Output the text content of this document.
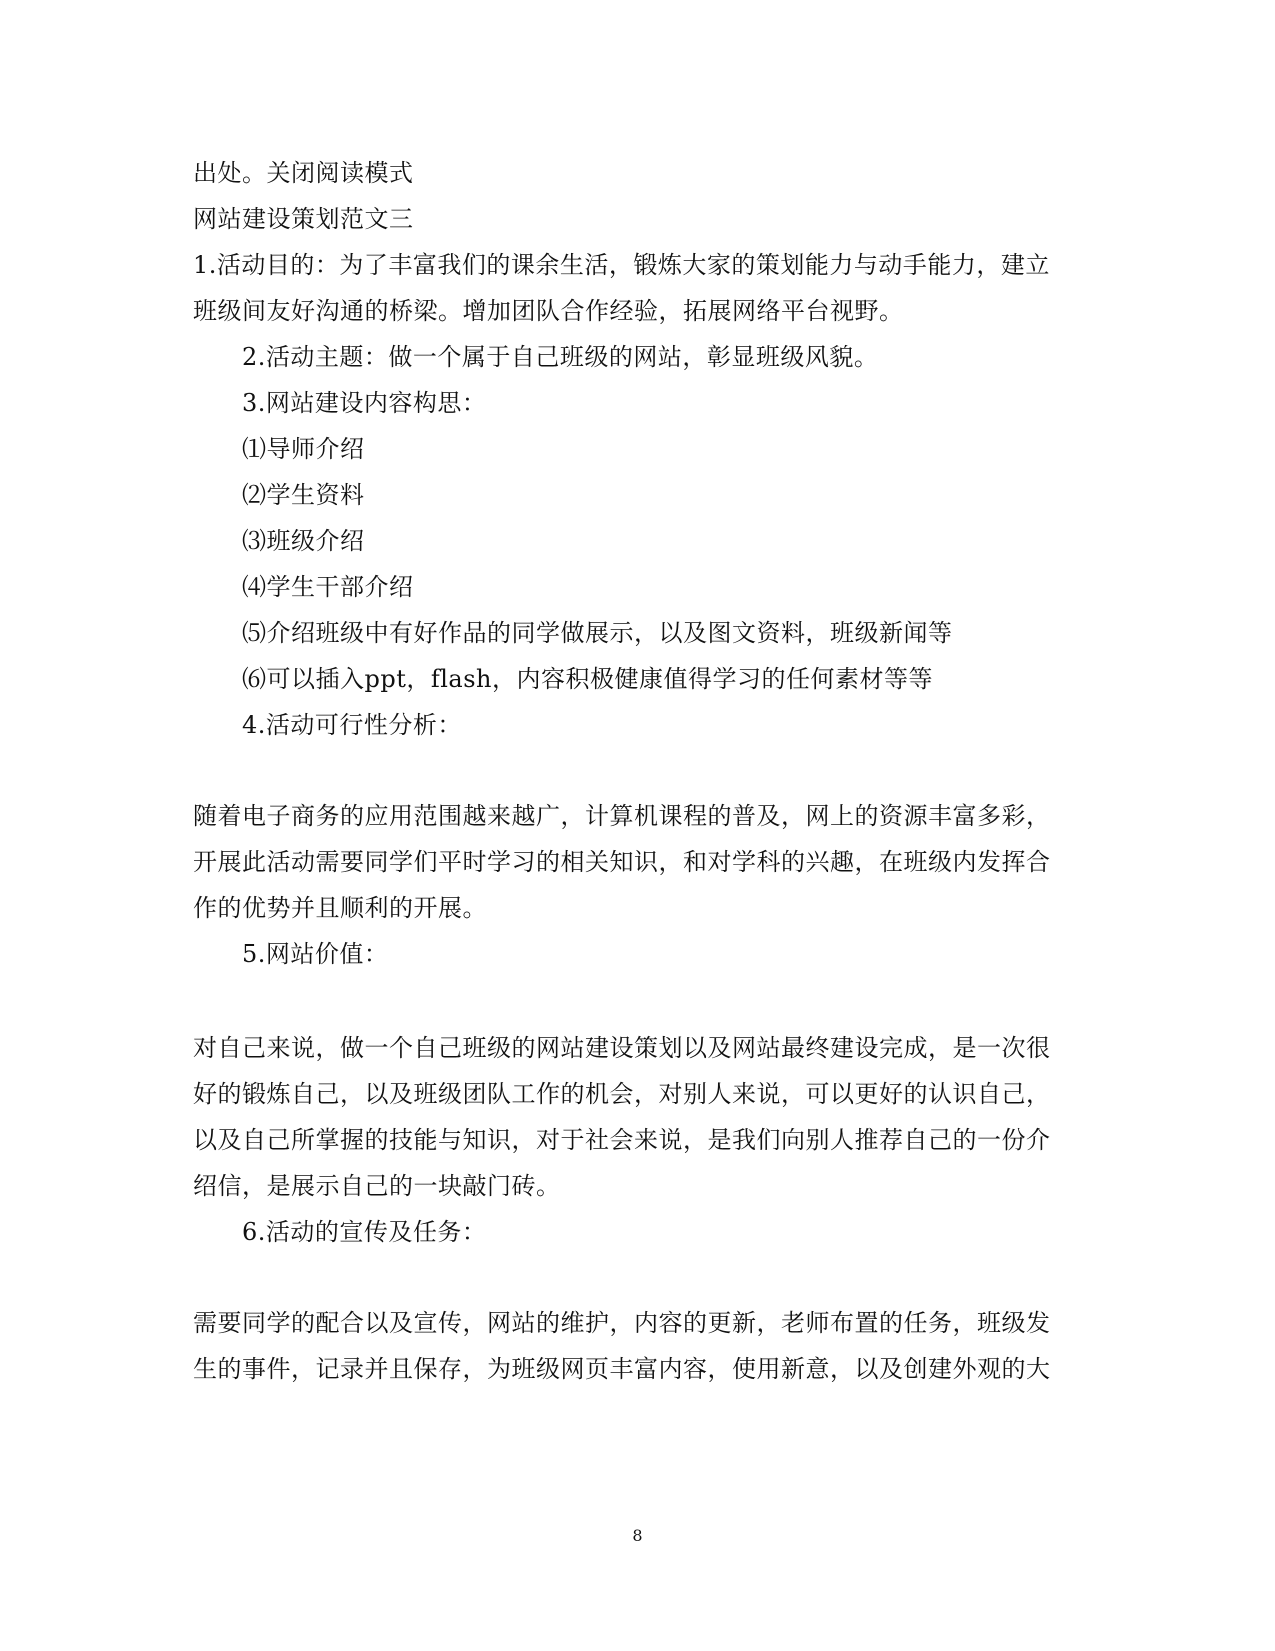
出处。关闭阅读模式
网站建设策划范文三
1.活动目的：为了丰富我们的课余生活，锻炼大家的策划能力与动手能力，建立
班级间友好沟通的桥梁。增加团队合作经验，拓展网络平台视野。
2.活动主题：做一个属于自己班级的网站，彰显班级风貌。
3.网站建设内容构思：
⑴导师介绍
⑵学生资料
⑶班级介绍
⑷学生干部介绍
⑸介绍班级中有好作品的同学做展示，以及图文资料，班级新闻等
⑹可以插入ppt，flash，内容积极健康值得学习的任何素材等等
4.活动可行性分析：
随着电子商务的应用范围越来越广，计算机课程的普及，网上的资源丰富多彩，
开展此活动需要同学们平时学习的相关知识，和对学科的兴趣，在班级内发挥合
作的优势并且顺利的开展。
5.网站价值：
对自己来说，做一个自己班级的网站建设策划以及网站最终建设完成，是一次很
好的锻炼自己，以及班级团队工作的机会，对别人来说，可以更好的认识自己，
以及自己所掌握的技能与知识，对于社会来说，是我们向别人推荐自己的一份介
绍信，是展示自己的一块敲门砖。
6.活动的宣传及任务：
需要同学的配合以及宣传，网站的维护，内容的更新，老师布置的任务，班级发
生的事件，记录并且保存，为班级网页丰富内容，使用新意，以及创建外观的大
8
